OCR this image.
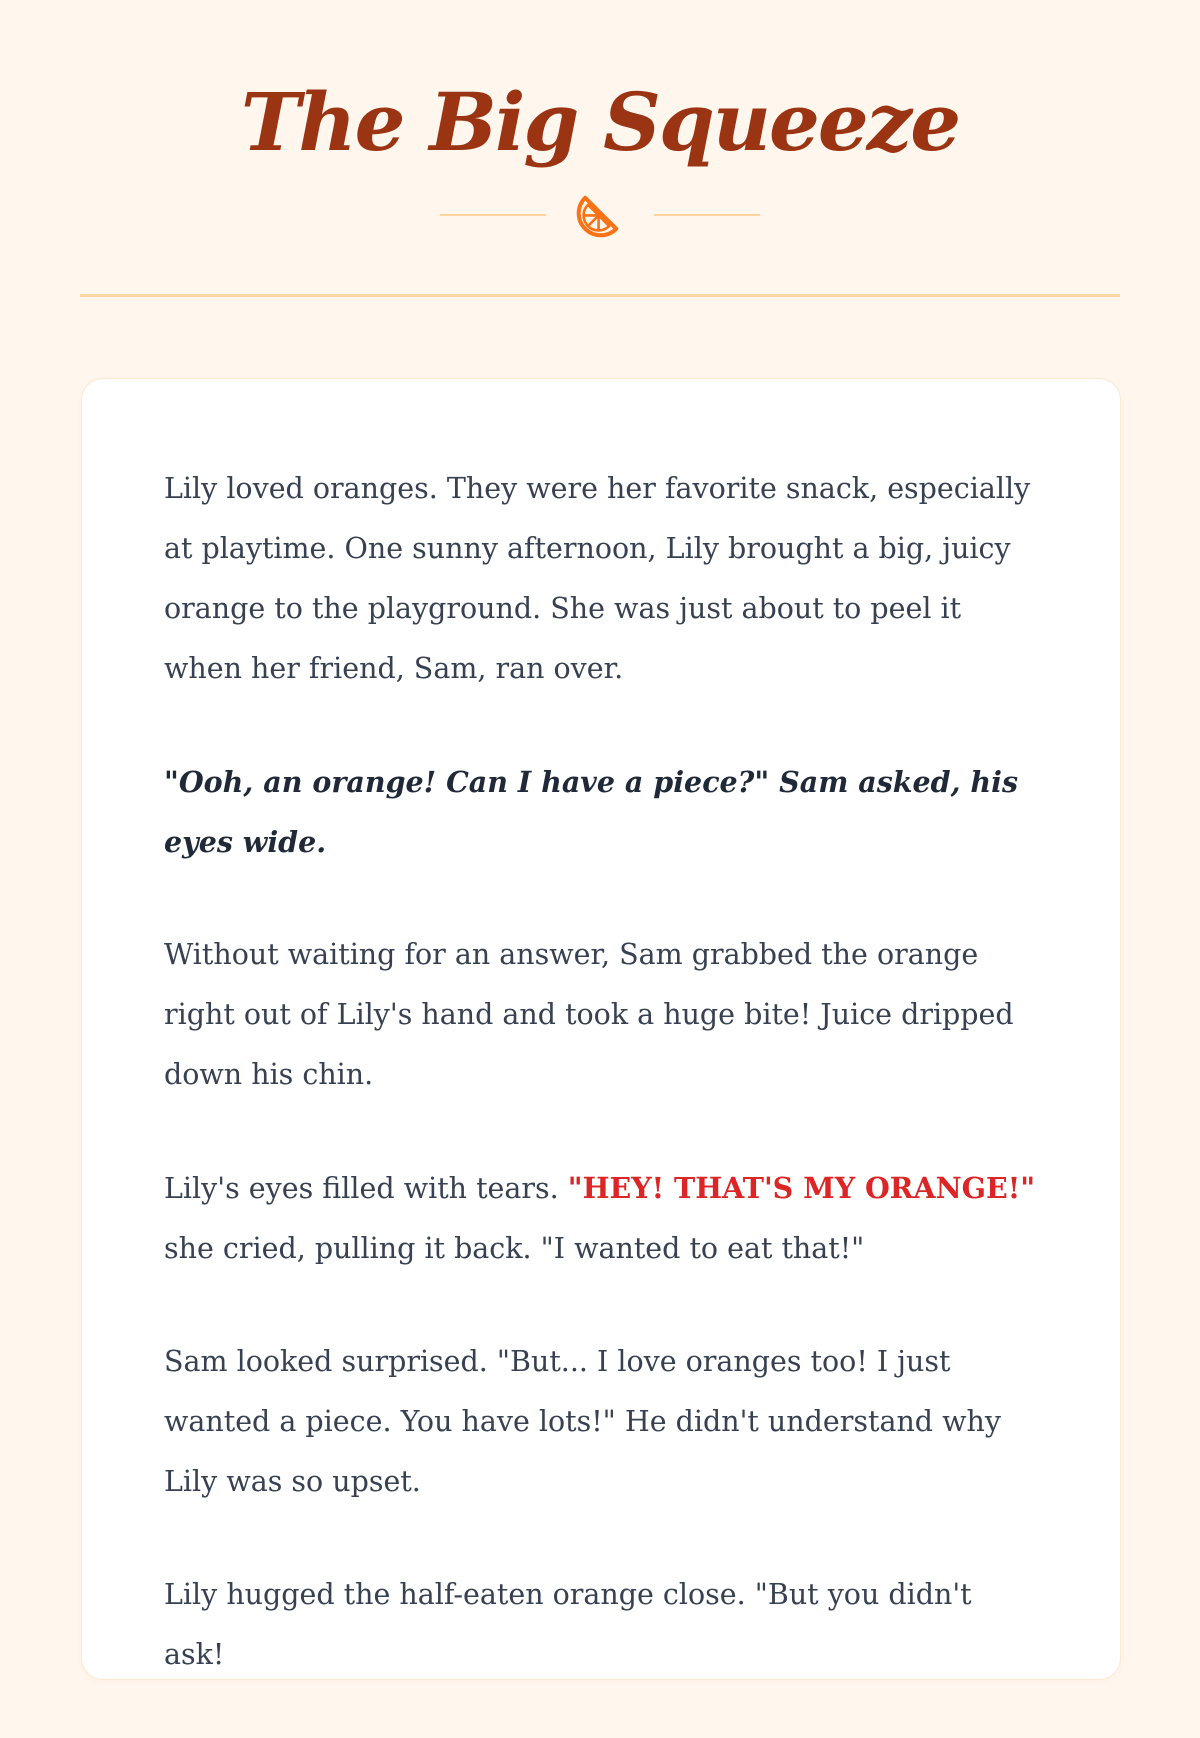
The Big Squeeze

Lily loved oranges. They were her favorite snack, especially at playtime. One sunny afternoon, Lily brought a big, juicy orange to the playground. She was just about to peel it when her friend, Sam, ran over.

"Ooh, an orange! Can I have a piece?" Sam asked, his eyes wide.

Without waiting for an answer, Sam grabbed the orange right out of Lily's hand and took a huge bite! Juice dripped down his chin.

Lily's eyes filled with tears. "HEY! THAT'S MY ORANGE!" she cried, pulling it back. "I wanted to eat that!"

Sam looked surprised. "But... I love oranges too! I just wanted a piece. You have lots!" He didn't understand why Lily was so upset.

Lily hugged the half-eaten orange close. "But you didn't ask!
